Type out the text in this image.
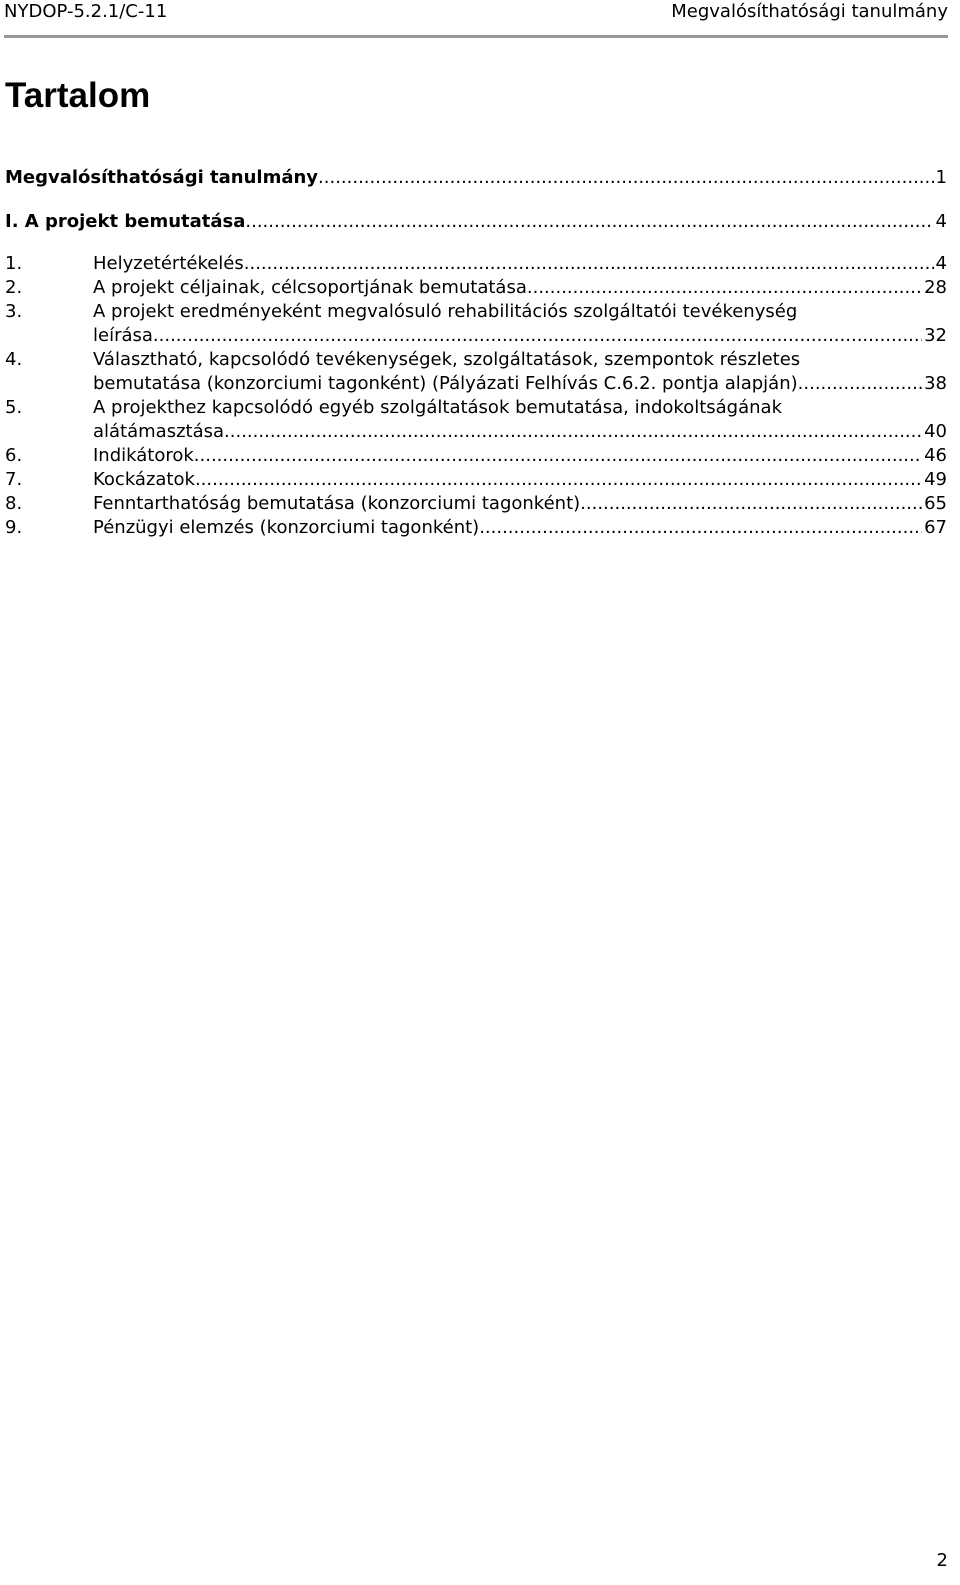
NYDOP-5.2.1/C-11	Megvalósíthatósági tanulmány
Tartalom
Megvalósíthatósági tanulmány .....	1
I. A projekt bemutatása .....	4
1.	Helyzetértékelés .....	4
2.	A projekt céljainak, célcsoportjának bemutatása .....	28
3.	A projekt eredményeként megvalósuló rehabilitációs szolgáltatói tevékenység
leírása .....	32
4.	Választható, kapcsolódó tevékenységek, szolgáltatások, szempontok részletes
bemutatása (konzorciumi tagonként) (Pályázati Felhívás C.6.2. pontja alapján) .....	38
5.	A projekthez kapcsolódó egyéb szolgáltatások bemutatása, indokoltságának
alátámasztása .....	40
6.	Indikátorok .....	46
7.	Kockázatok .....	49
8.	Fenntarthatóság bemutatása (konzorciumi tagonként) .....	65
9.	Pénzügyi elemzés (konzorciumi tagonként) .....	67
2
